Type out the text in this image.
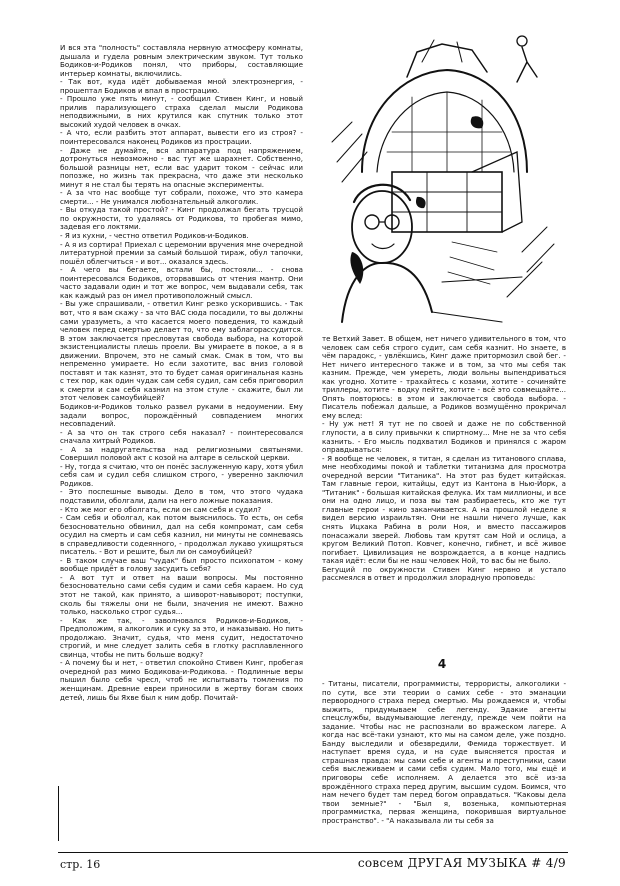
И вся эта "полность" составляла нервную атмосферу комнаты, дышала и гудела ровным электрическим звуком. Тут только Бодиков-и-Родиков понял, что приборы, составляющие интерьер комнаты, включились.
- Так вот, куда идёт добываемая мной электроэнергия, - прошептал Бодиков и впал в прострацию.
- Прошло уже пять минут, - сообщил Стивен Кинг, и новый прилив парализующего страха сделал мысли Родикова неподвижными, в них крутился как спутник только этот высокий худой человек в очках.
- А что, если разбить этот аппарат, вывести его из строя? - поинтересовался наконец Родиков из прострации.
- Даже не думайте, вся аппаратура под напряжением, дотронуться невозможно - вас тут же шарахнет. Собственно, большой разницы нет, если вас ударит током - сейчас или попозже, но жизнь так прекрасна, что даже эти несколько минут я не стал бы терять на опасные эксперименты.
- А за что нас вообще тут собрали, похоже, что это камера смерти... - Не унимался любознательный алкоголик.
- Вы откуда такой простой? - Кинг продолжал бегать трусцой по окружности, то удаляясь от Родикова, то пробегая мимо, задевая его локтями.
- Я из кухни, - честно ответил Родиков-и-Бодиков.
- А я из сортира! Приехал с церемонии вручения мне очередной литературной премии за самый большой тираж, обул тапочки, пошёл облегчиться - и вот... оказался здесь.
- А чего вы бегаете, встали бы, постояли... - снова поинтересовался Бодиков, оторвавшись от чтения мантр. Они часто задавали один и тот же вопрос, чем выдавали себя, так как каждый раз он имел противоположный смысл.
- Вы уже спрашивали, - ответил Кинг резко ускорившись. - Так вот, что я вам скажу - за что ВАС сюда посадили, то вы должны сами уразуметь, а что касается моего поведения, то каждый человек перед смертью делает то, что ему заблагорассудится. В этом заключается пресловутая свобода выбора, на которой экзистенциалисты плешь проели. Вы умираете в покое, а я в движении. Впрочем, это не самый смак. Смак в том, что вы непременно умираете. Но если захотите, вас вниз головой поставят и так казнят, это то будет самая оригинальная казнь с тех пор, как один чудак сам себя судил, сам себя приговорил к смерти и сам себя казнил на этом стуле - скажите, был ли этот человек самоубийцей?
Бодиков-и-Родиков только развел руками в недоумении. Ему задали вопрос, порождённый совпадением многих несовпадений.
- А за что он так строго себя наказал? - поинтересовался сначала хитрый Родиков.
- А за надругательства над религиозными святынями. Совершил половой акт с козой на алтаре в сельской церкви.
- Ну, тогда я считаю, что он понёс заслуженную кару, хотя убил себя сам и судил себя слишком строго, - уверенно заключил Родиков.
- Это поспешные выводы. Дело в том, что этого чудака подставили, оболгали, дали на него ложные показания.
- Кто же мог его оболгать, если он сам себя и судил?
- Сам себя и оболгал, как потом выяснилось. То есть, он себя безосновательно обвинил, дал на себя компромат, сам себя осудил на смерть и сам себя казнил, ни минуты не сомневаясь в справедливости содеянного, - продолжал лукаво ухищряться писатель. - Вот и решите, был ли он самоубийцей?
- В таком случае ваш "чудак" был просто психопатом - кому вообще придёт в голову засудить себя?
- А вот тут и ответ на ваши вопросы. Мы постоянно безосновательно сами себя судим и сами себя караем. Но суд этот не такой, как принято, а шиворот-навыворот; поступки, сколь бы тяжелы они не были, значения не имеют. Важно только, насколько строг судья...
- Как же так, - заволновался Родиков-и-Бодиков, - Предположим, я алкоголик и суку за это, и наказываю. Но пить продолжаю. Значит, судья, что меня судит, недостаточно строгий, и мне следует залить себя в глотку расплавленного свинца, чтобы не пить больше водку?
- А почему бы и нет, - ответил спокойно Стивен Кинг, пробегая очередной раз мимо Бодикова-и-Родикова. - Подлинные веры пышил было себя чресл, чтоб не испытывать томления по женщинам. Древние евреи приносили в жертву богам своих детей, лишь бы Яхве был к ним добр. Почитай-
те Ветхий Завет. В общем, нет ничего удивительного в том, что человек сам себя строго судит, сам себя казнит. Но знаете, в чём парадокс, - увлёкшись, Кинг даже притормозил свой бег. - Нет ничего интересного также и в том, за что мы себя так казним. Прежде, чем умереть, люди вольны выпендриваться как угодно. Хотите - трахайтесь с козами, хотите - сочиняйте триллеры, хотите - водку пейте, хотите - всё это совмещайте... Опять повторюсь: в этом и заключается свобода выбора. - Писатель побежал дальше, а Родиков возмущённо прокричал ему вслед:
- Ну уж нет! Я тут не по своей и даже не по собственной глупости, а в силу привычки к спиртному... Мне не за что себя казнить. - Его мысль подхватил Бодиков и принялся с жаром оправдываться:
- Я вообще не человек, я титан, я сделан из титанового сплава, мне необходимы покой и таблетки титанизма для просмотра очередной версии "Титаника". На этот раз будет китайская. Там главные герои, китайцы, едут из Кантона в Нью-Йорк, а "Титаник" - большая китайская фелука. Их там миллионы, и все они на одно лицо, и поза вы там разбираетесь, кто же тут главные герои - кино заканчивается. А на прошлой неделе я видел версию израильтян. Они не нашли ничего лучше, как снять Ицхака Рабина в роли Ноя, и вместо пассажиров понасажали зверей. Любовь там крутят сам Ной и ослица, а кругом Великий Потоп. Ковчег, конечно, гибнет, и всё живое погибает. Цивилизация не возрождается, а в конце надпись такая идёт: если бы не наш человек Ной, то вас бы не было.
Бегущий по окружности Стивен Кинг нервно и устало рассмеялся в ответ и продолжил злорадную проповедь:
4
- Титаны, писатели, программисты, террористы, алкоголики - по сути, все эти теории о самих себе - это эманации первородного страха перед смертью. Мы рождаемся и, чтобы выжить, придумываем себе легенду. Эдакие агенты спецслужбы, выдумывающие легенду, прежде чем пойти на задание. Чтобы нас не распознали во вражеском лагере. А когда нас всё-таки узнают, кто мы на самом деле, уже поздно. Банду выследили и обезвредили, Фемида торжествует. И наступает время суда, и на суде выясняется простая и страшная правда: мы сами себе и агенты и преступники, сами себя выслеживаем и сами себя судим. Мало того, мы ещё и приговоры себе исполняем. А делается это всё из-за врождённого страха перед другим, высшим судом. Боимся, что нам нечего будет там перед богом оправдаться. "Каковы дела твои земные?" - "Был я, возенька, компьютерная программистка, первая женщина, покорившая виртуальное пространство". - "А наказывала ли ты себя за
стр. 16	совсем ДРУГАЯ МУЗЫКА # 4/9
